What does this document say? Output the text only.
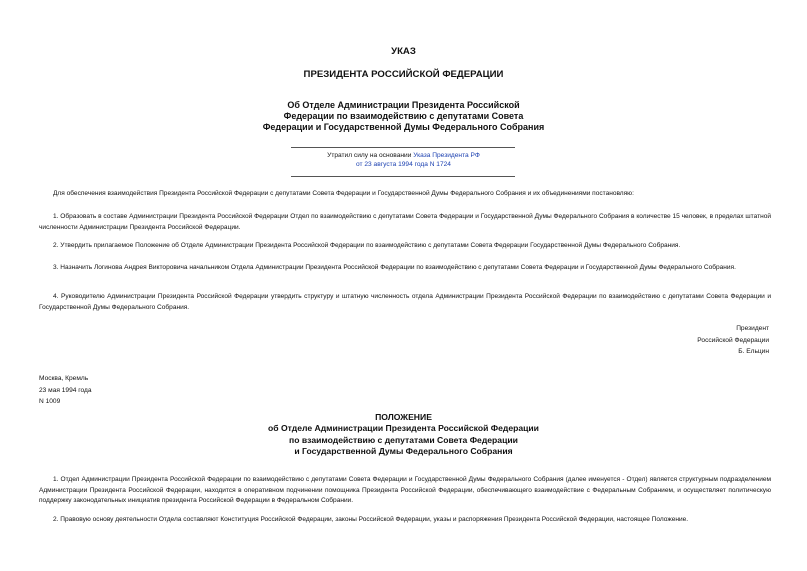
УКАЗ
ПРЕЗИДЕНТА РОССИЙСКОЙ ФЕДЕРАЦИИ
Об Отделе Администрации Президента Российской
Федерации по взаимодействию с депутатами Совета
Федерации и Государственной Думы Федерального Собрания
Утратил силу на основании Указа Президента РФ
от 23 августа 1994 года N 1724
Для обеспечения взаимодействия Президента Российской Федерации с депутатами Совета Федерации и Государственной Думы Федерального Собрания и их объединениями постановляю:
1. Образовать в составе Администрации Президента Российской Федерации Отдел по взаимодействию с депутатами Совета Федерации и Государственной Думы Федерального Собрания в количестве 15 человек, в пределах штатной численности Администрации Президента Российской Федерации.
2. Утвердить прилагаемое Положение об Отделе Администрации Президента Российской Федерации по взаимодействию с депутатами Совета Федерации Государственной Думы Федерального Собрания.
3. Назначить Логинова Андрея Викторовича начальником Отдела Администрации Президента Российской Федерации по взаимодействию с депутатами Совета Федерации и Государственной Думы Федерального Собрания.
4. Руководителю Администрации Президента Российской Федерации утвердить структуру и штатную численность отдела Администрации Президента Российской Федерации по взаимодействию с депутатами Совета Федерации и Государственной Думы Федерального Собрания.
Президент
Российской Федерации
Б. Ельцин
Москва, Кремль
23 мая 1994 года
N 1009
ПОЛОЖЕНИЕ
об Отделе Администрации Президента Российской Федерации
по взаимодействию с депутатами Совета Федерации
и Государственной Думы Федерального Собрания
1. Отдел Администрации Президента Российской Федерации по взаимодействию с депутатами Совета Федерации и Государственной Думы Федерального Собрания (далее именуется - Отдел) является структурным подразделением Администрации Президента Российской Федерации, находится в оперативном подчинении помощника Президента Российской Федерации, обеспечивающего взаимодействие с Федеральным Собранием, и осуществляет политическую поддержку законодательных инициатив президента Российской Федерации в Федеральном Собрании.
2. Правовую основу деятельности Отдела составляют Конституция Российской Федерации, законы Российской Федерации, указы и распоряжения Президента Российской Федерации, настоящее Положение.
